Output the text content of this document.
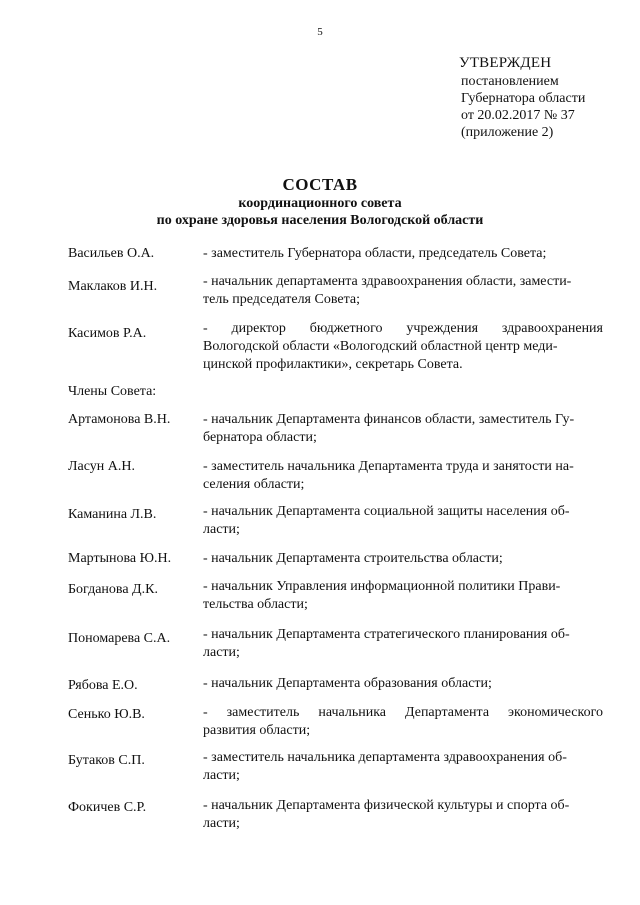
5
УТВЕРЖДЕН
постановлением
Губернатора области
от 20.02.2017 № 37
(приложение 2)
СОСТАВ
координационного совета
по охране здоровья населения Вологодской области
Васильев О.А.	- заместитель Губернатора области, председатель Совета;
Маклаков И.Н.	- начальник департамента здравоохранения области, замести-
тель председателя Совета;
Касимов Р.А.	- директор бюджетного учреждения здравоохранения
Вологодской области «Вологодский областной центр меди-
цинской профилактики», секретарь Совета.
Члены Совета:
Артамонова В.Н. - начальник Департамента финансов области, заместитель Гу-
бернатора области;
Ласун А.Н.	- заместитель начальника Департамента труда и занятости на-
селения области;
Каманина Л.В.	- начальник Департамента социальной защиты населения об-
ласти;
Мартынова Ю.Н. - начальник Департамента строительства области;
Богданова Д.К.	- начальник Управления информационной политики Прави-
тельства области;
Пономарева С.А. - начальник Департамента стратегического планирования об-
ласти;
Рябова Е.О.	- начальник Департамента образования области;
Сенько Ю.В.	- заместитель начальника Департамента экономического
развития области;
Бутаков С.П.	- заместитель начальника департамента здравоохранения об-
ласти;
Фокичев С.Р.	- начальник Департамента физической культуры и спорта об-
ласти;
